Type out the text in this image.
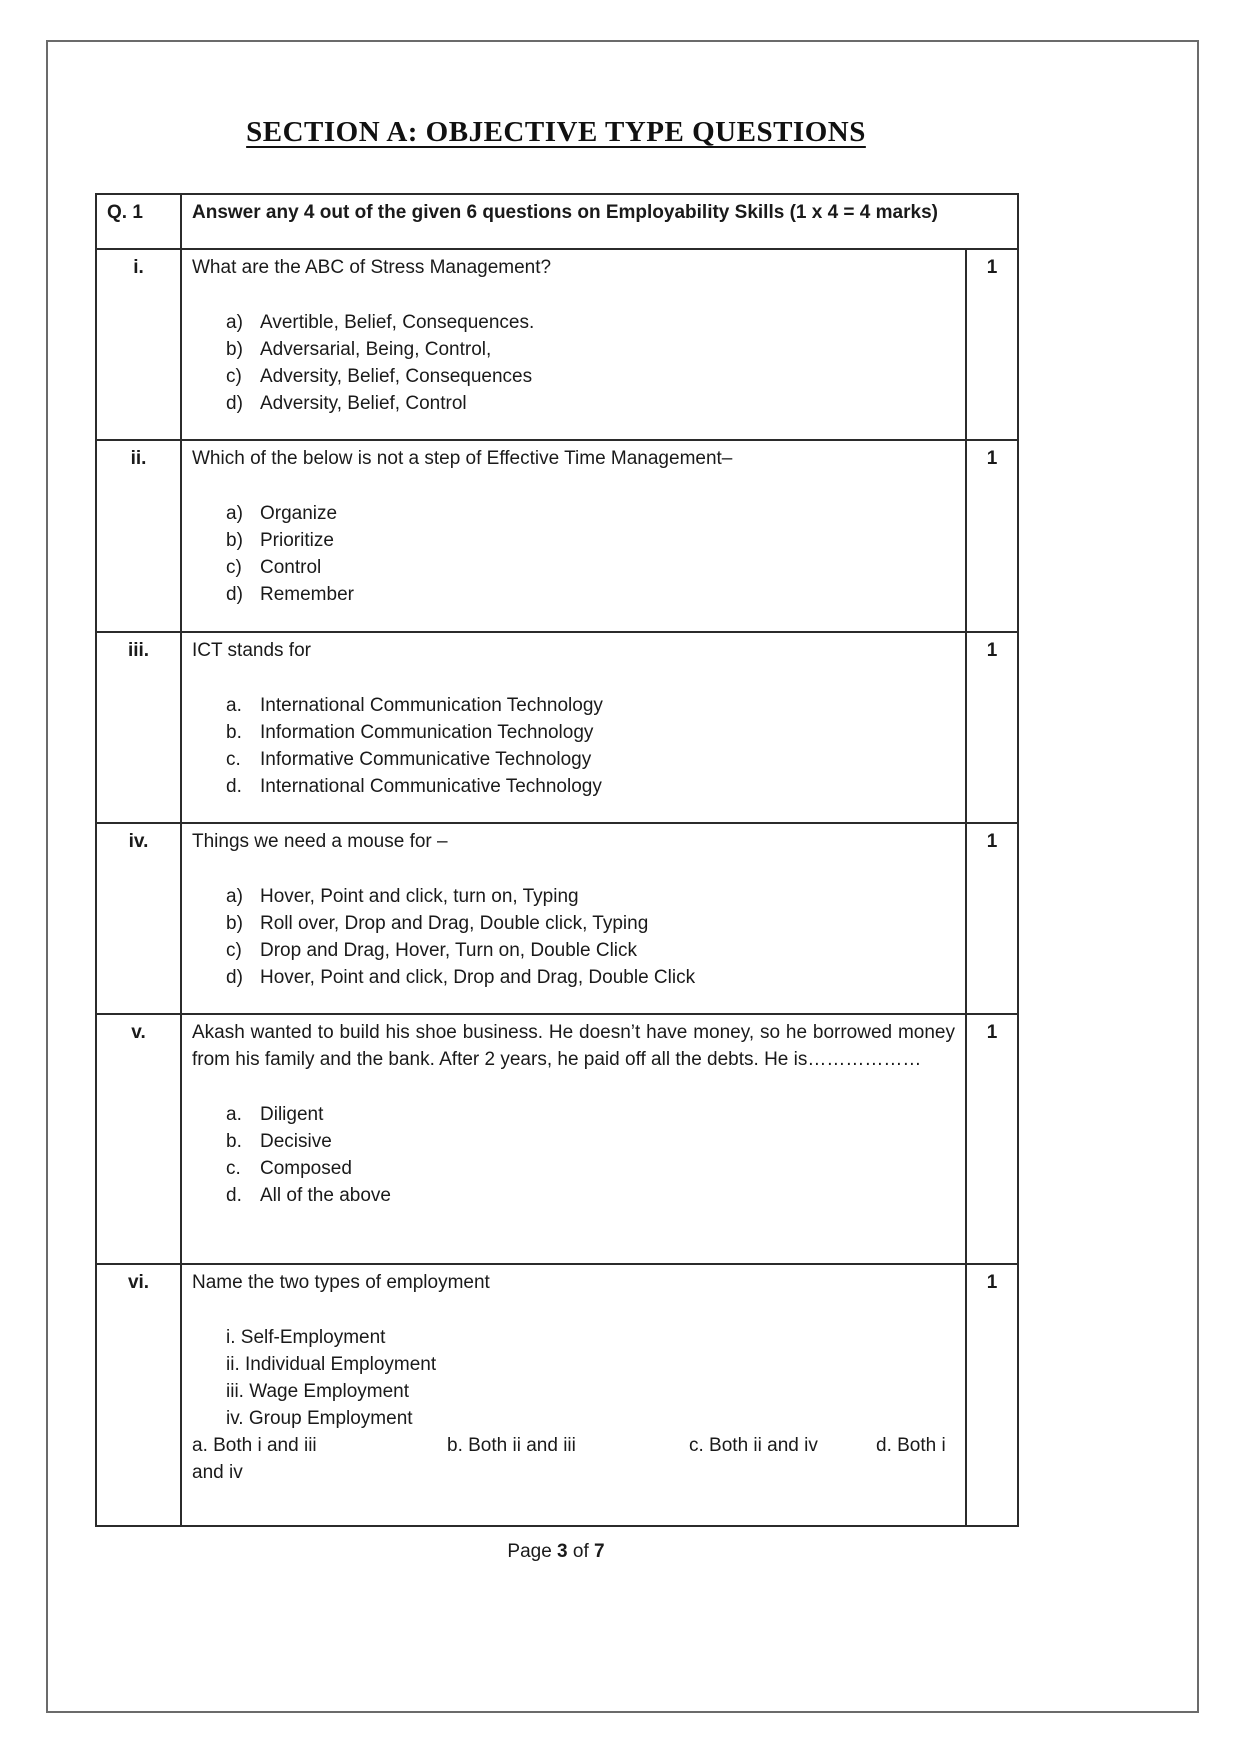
SECTION A: OBJECTIVE TYPE QUESTIONS
Q. 1	Answer any 4 out of the given 6 questions on Employability Skills (1 x 4 = 4 marks)	
i.	What are the ABC of Stress Management?
a) Avertible, Belief, Consequences.
b) Adversarial, Being, Control,
c) Adversity, Belief, Consequences
d) Adversity, Belief, Control	1
ii.	Which of the below is not a step of Effective Time Management–
a) Organize
b) Prioritize
c) Control
d) Remember	1
iii.	ICT stands for
a. International Communication Technology
b. Information Communication Technology
c. Informative Communicative Technology
d. International Communicative Technology	1
iv.	Things we need a mouse for –
a) Hover, Point and click, turn on, Typing
b) Roll over, Drop and Drag, Double click, Typing
c) Drop and Drag, Hover, Turn on, Double Click
d) Hover, Point and click, Drop and Drag, Double Click	1
v.	Akash wanted to build his shoe business. He doesn’t have money, so he borrowed money from his family and the bank. After 2 years, he paid off all the debts. He is………………
a. Diligent
b. Decisive
c. Composed
d. All of the above	1
vi.	Name the two types of employment
i. Self-Employment
ii. Individual Employment
iii. Wage Employment
iv. Group Employment
a. Both i and iii	b. Both ii and iii	c. Both ii and iv	d. Both i
and iv
	1
Page 3 of 7
